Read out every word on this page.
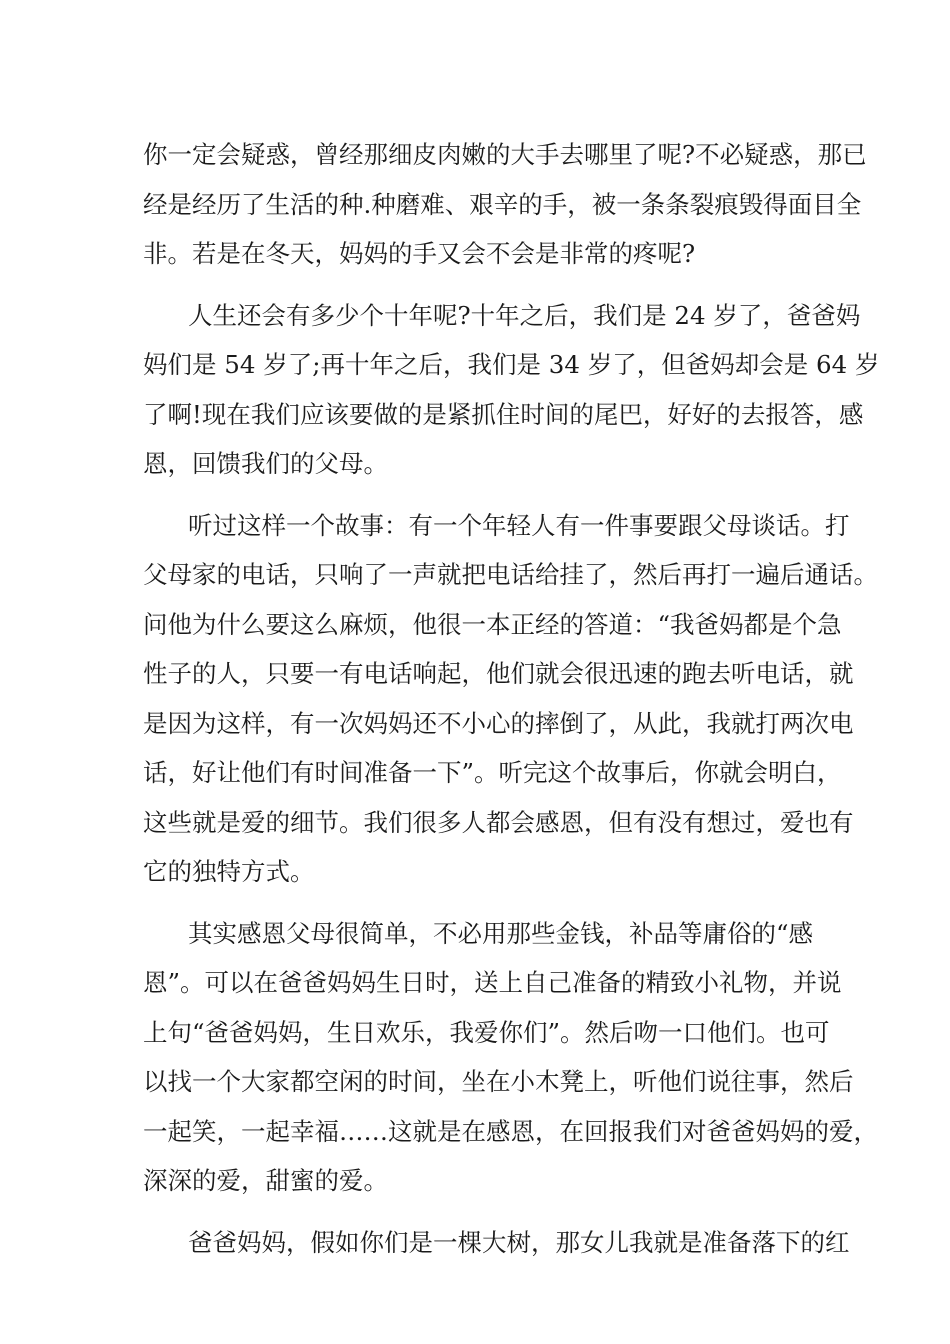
你一定会疑惑，曾经那细皮肉嫩的大手去哪里了呢?不必疑惑，那已
经是经历了生活的种.种磨难、艰辛的手，被一条条裂痕毁得面目全
非。若是在冬天，妈妈的手又会不会是非常的疼呢?
人生还会有多少个十年呢?十年之后，我们是 24 岁了，爸爸妈
妈们是 54 岁了;再十年之后，我们是 34 岁了，但爸妈却会是 64 岁
了啊!现在我们应该要做的是紧抓住时间的尾巴，好好的去报答，感
恩，回馈我们的父母。
听过这样一个故事：有一个年轻人有一件事要跟父母谈话。打
父母家的电话，只响了一声就把电话给挂了，然后再打一遍后通话。
问他为什么要这么麻烦，他很一本正经的答道：“我爸妈都是个急
性子的人，只要一有电话响起，他们就会很迅速的跑去听电话，就
是因为这样，有一次妈妈还不小心的摔倒了，从此，我就打两次电
话，好让他们有时间准备一下”。听完这个故事后，你就会明白，
这些就是爱的细节。我们很多人都会感恩，但有没有想过，爱也有
它的独特方式。
其实感恩父母很简单，不必用那些金钱，补品等庸俗的“感
恩”。可以在爸爸妈妈生日时，送上自己准备的精致小礼物，并说
上句“爸爸妈妈，生日欢乐，我爱你们”。然后吻一口他们。也可
以找一个大家都空闲的时间，坐在小木凳上，听他们说往事，然后
一起笑，一起幸福……这就是在感恩，在回报我们对爸爸妈妈的爱，
深深的爱，甜蜜的爱。
爸爸妈妈，假如你们是一棵大树，那女儿我就是准备落下的红
